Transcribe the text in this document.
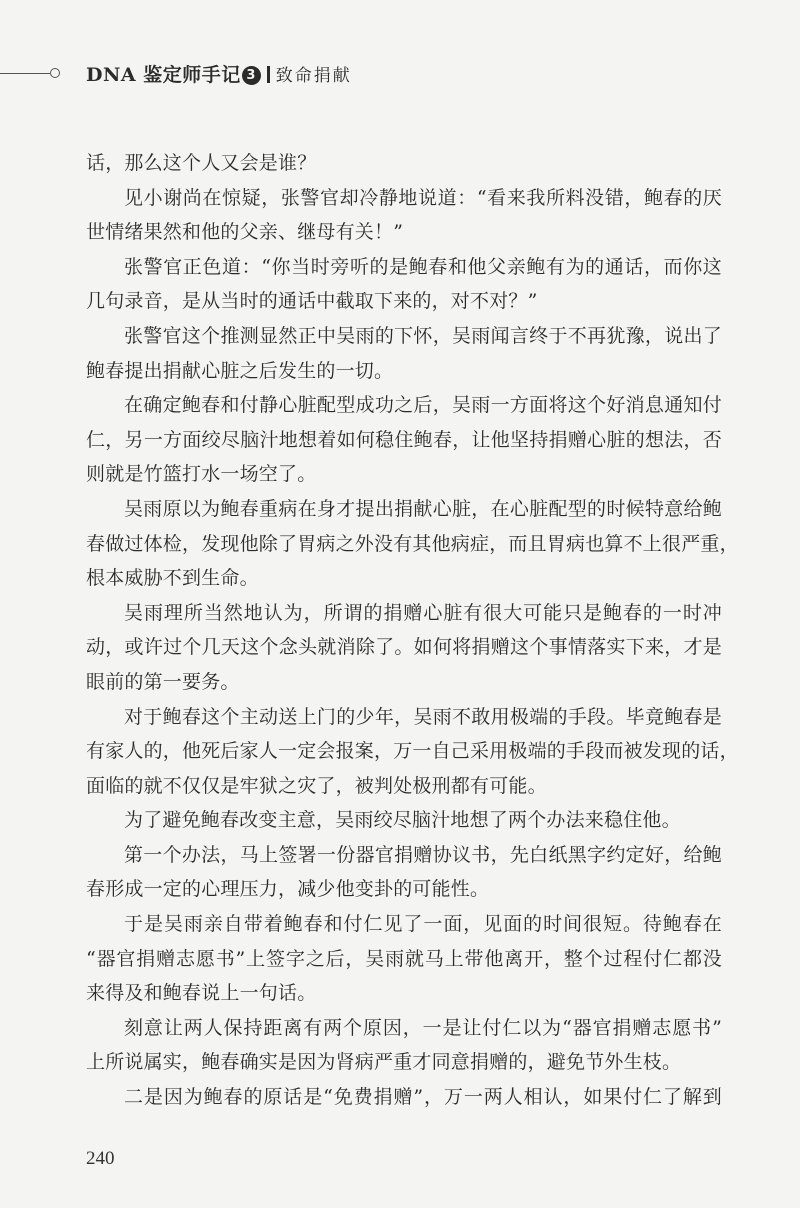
DNA 鉴定师手记 3 致命捐献
话，那么这个人又会是谁？
见小谢尚在惊疑，张警官却冷静地说道：“看来我所料没错，鲍春的厌
世情绪果然和他的父亲、继母有关！”
张警官正色道：“你当时旁听的是鲍春和他父亲鲍有为的通话，而你这
几句录音，是从当时的通话中截取下来的，对不对？”
张警官这个推测显然正中吴雨的下怀，吴雨闻言终于不再犹豫，说出了
鲍春提出捐献心脏之后发生的一切。
在确定鲍春和付静心脏配型成功之后，吴雨一方面将这个好消息通知付
仁，另一方面绞尽脑汁地想着如何稳住鲍春，让他坚持捐赠心脏的想法，否
则就是竹篮打水一场空了。
吴雨原以为鲍春重病在身才提出捐献心脏，在心脏配型的时候特意给鲍
春做过体检，发现他除了胃病之外没有其他病症，而且胃病也算不上很严重，
根本威胁不到生命。
吴雨理所当然地认为，所谓的捐赠心脏有很大可能只是鲍春的一时冲
动，或许过个几天这个念头就消除了。如何将捐赠这个事情落实下来，才是
眼前的第一要务。
对于鲍春这个主动送上门的少年，吴雨不敢用极端的手段。毕竟鲍春是
有家人的，他死后家人一定会报案，万一自己采用极端的手段而被发现的话，
面临的就不仅仅是牢狱之灾了，被判处极刑都有可能。
为了避免鲍春改变主意，吴雨绞尽脑汁地想了两个办法来稳住他。
第一个办法，马上签署一份器官捐赠协议书，先白纸黑字约定好，给鲍
春形成一定的心理压力，减少他变卦的可能性。
于是吴雨亲自带着鲍春和付仁见了一面，见面的时间很短。待鲍春在
“器官捐赠志愿书”上签字之后，吴雨就马上带他离开，整个过程付仁都没
来得及和鲍春说上一句话。
刻意让两人保持距离有两个原因，一是让付仁以为“器官捐赠志愿书”
上所说属实，鲍春确实是因为肾病严重才同意捐赠的，避免节外生枝。
二是因为鲍春的原话是“免费捐赠”，万一两人相认，如果付仁了解到
240
